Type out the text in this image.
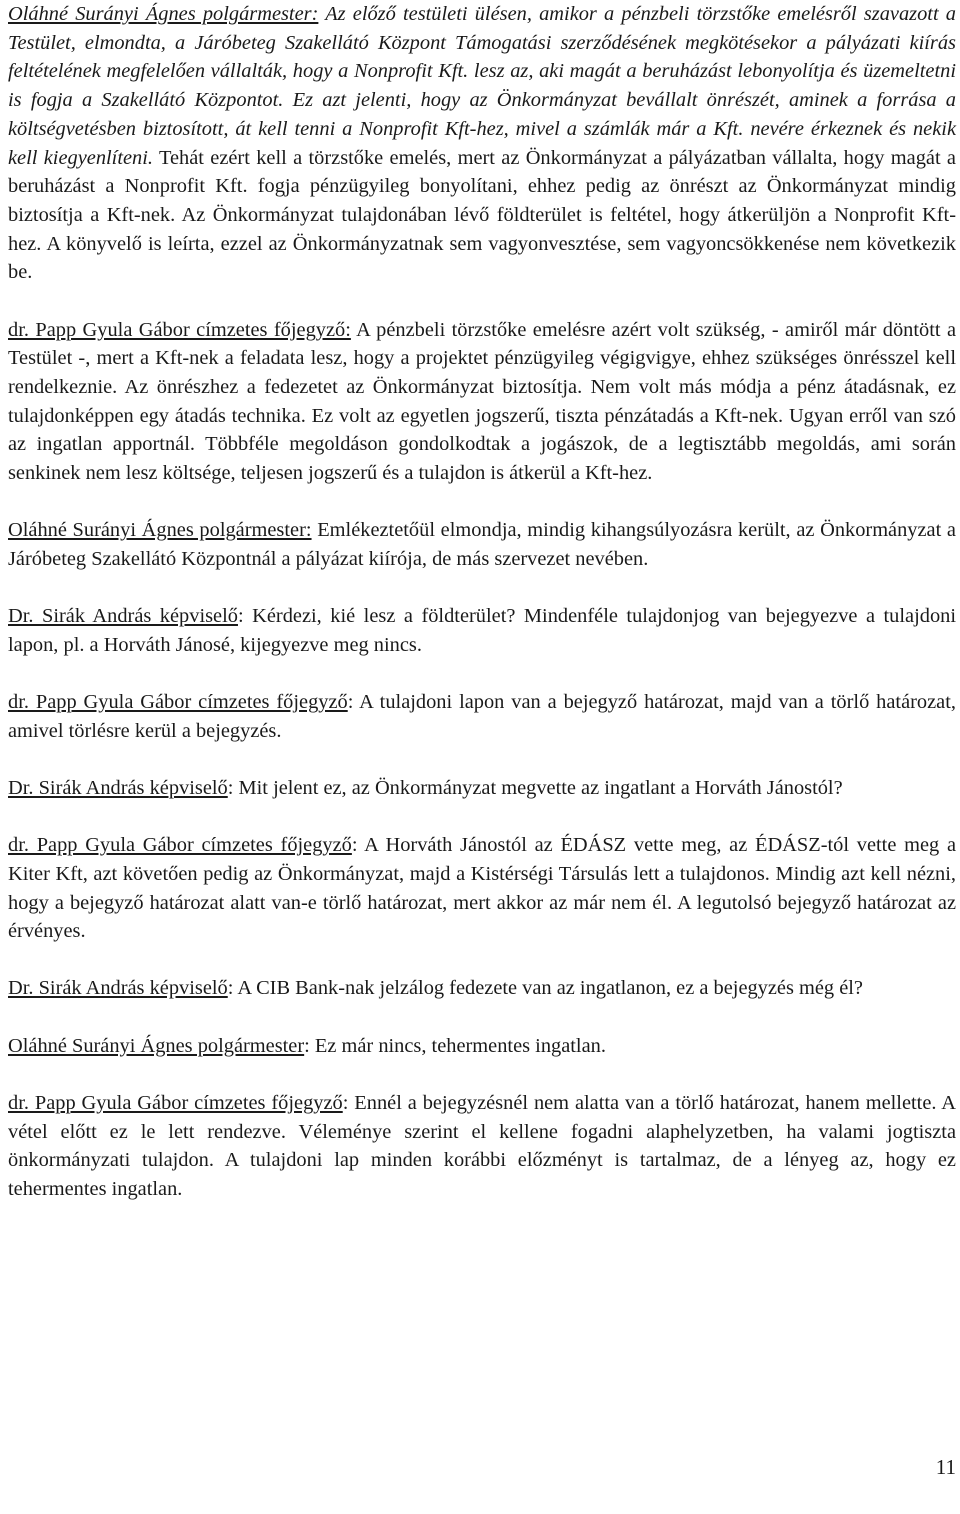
Oláhné Surányi Ágnes polgármester: Az előző testületi ülésen, amikor a pénzbeli törzstőke emelésről szavazott a Testület, elmondta, a Járóbeteg Szakellátó Központ Támogatási szerződésének megkötésekor a pályázati kiírás feltételének megfelelően vállalták, hogy a Nonprofit Kft. lesz az, aki magát a beruházást lebonyolítja és üzemeltetni is fogja a Szakellátó Központot. Ez azt jelenti, hogy az Önkormányzat bevállalt önrészét, aminek a forrása a költségvetésben biztosított, át kell tenni a Nonprofit Kft-hez, mivel a számlák már a Kft. nevére érkeznek és nekik kell kiegyenlíteni. Tehát ezért kell a törzstőke emelés, mert az Önkormányzat a pályázatban vállalta, hogy magát a beruházást a Nonprofit Kft. fogja pénzügyileg bonyolítani, ehhez pedig az önrészt az Önkormányzat mindig biztosítja a Kft-nek. Az Önkormányzat tulajdonában lévő földterület is feltétel, hogy átkerüljön a Nonprofit Kft-hez. A könyvelő is leírta, ezzel az Önkormányzatnak sem vagyonvesztése, sem vagyoncsökkenése nem következik be.

dr. Papp Gyula Gábor címzetes főjegyző: A pénzbeli törzstőke emelésre azért volt szükség, - amiről már döntött a Testület -, mert a Kft-nek a feladata lesz, hogy a projektet pénzügyileg végigvigye, ehhez szükséges önrésszel kell rendelkeznie. Az önrészhez a fedezetet az Önkormányzat biztosítja. Nem volt más módja a pénz átadásnak, ez tulajdonképpen egy átadás technika. Ez volt az egyetlen jogszerű, tiszta pénzátadás a Kft-nek. Ugyan erről van szó az ingatlan apportnál. Többféle megoldáson gondolkodtak a jogászok, de a legtisztább megoldás, ami során senkinek nem lesz költsége, teljesen jogszerű és a tulajdon is átkerül a Kft-hez.

Oláhné Surányi Ágnes polgármester: Emlékeztetőül elmondja, mindig kihangsúlyozásra került, az Önkormányzat a Járóbeteg Szakellátó Központnál a pályázat kiírója, de más szervezet nevében.

Dr. Sirák András képviselő: Kérdezi, kié lesz a földterület? Mindenféle tulajdonjog van bejegyezve a tulajdoni lapon, pl. a Horváth Jánosé, kijegyezve meg nincs.

dr. Papp Gyula Gábor címzetes főjegyző: A tulajdoni lapon van a bejegyző határozat, majd van a törlő határozat, amivel törlésre kerül a bejegyzés.

Dr. Sirák András képviselő: Mit jelent ez, az Önkormányzat megvette az ingatlant a Horváth Jánostól?

dr. Papp Gyula Gábor címzetes főjegyző: A Horváth Jánostól az ÉDÁSZ vette meg, az ÉDÁSZ-tól vette meg a Kiter Kft, azt követően pedig az Önkormányzat, majd a Kistérségi Társulás lett a tulajdonos. Mindig azt kell nézni, hogy a bejegyző határozat alatt van-e törlő határozat, mert akkor az már nem él. A legutolsó bejegyző határozat az érvényes.

Dr. Sirák András képviselő: A CIB Bank-nak jelzálog fedezete van az ingatlanon, ez a bejegyzés még él?

Oláhné Surányi Ágnes polgármester: Ez már nincs, tehermentes ingatlan.

dr. Papp Gyula Gábor címzetes főjegyző: Ennél a bejegyzésnél nem alatta van a törlő határozat, hanem mellette. A vétel előtt ez le lett rendezve. Véleménye szerint el kellene fogadni alaphelyzetben, ha valami jogtiszta önkormányzati tulajdon. A tulajdoni lap minden korábbi előzményt is tartalmaz, de a lényeg az, hogy ez tehermentes ingatlan.

11
